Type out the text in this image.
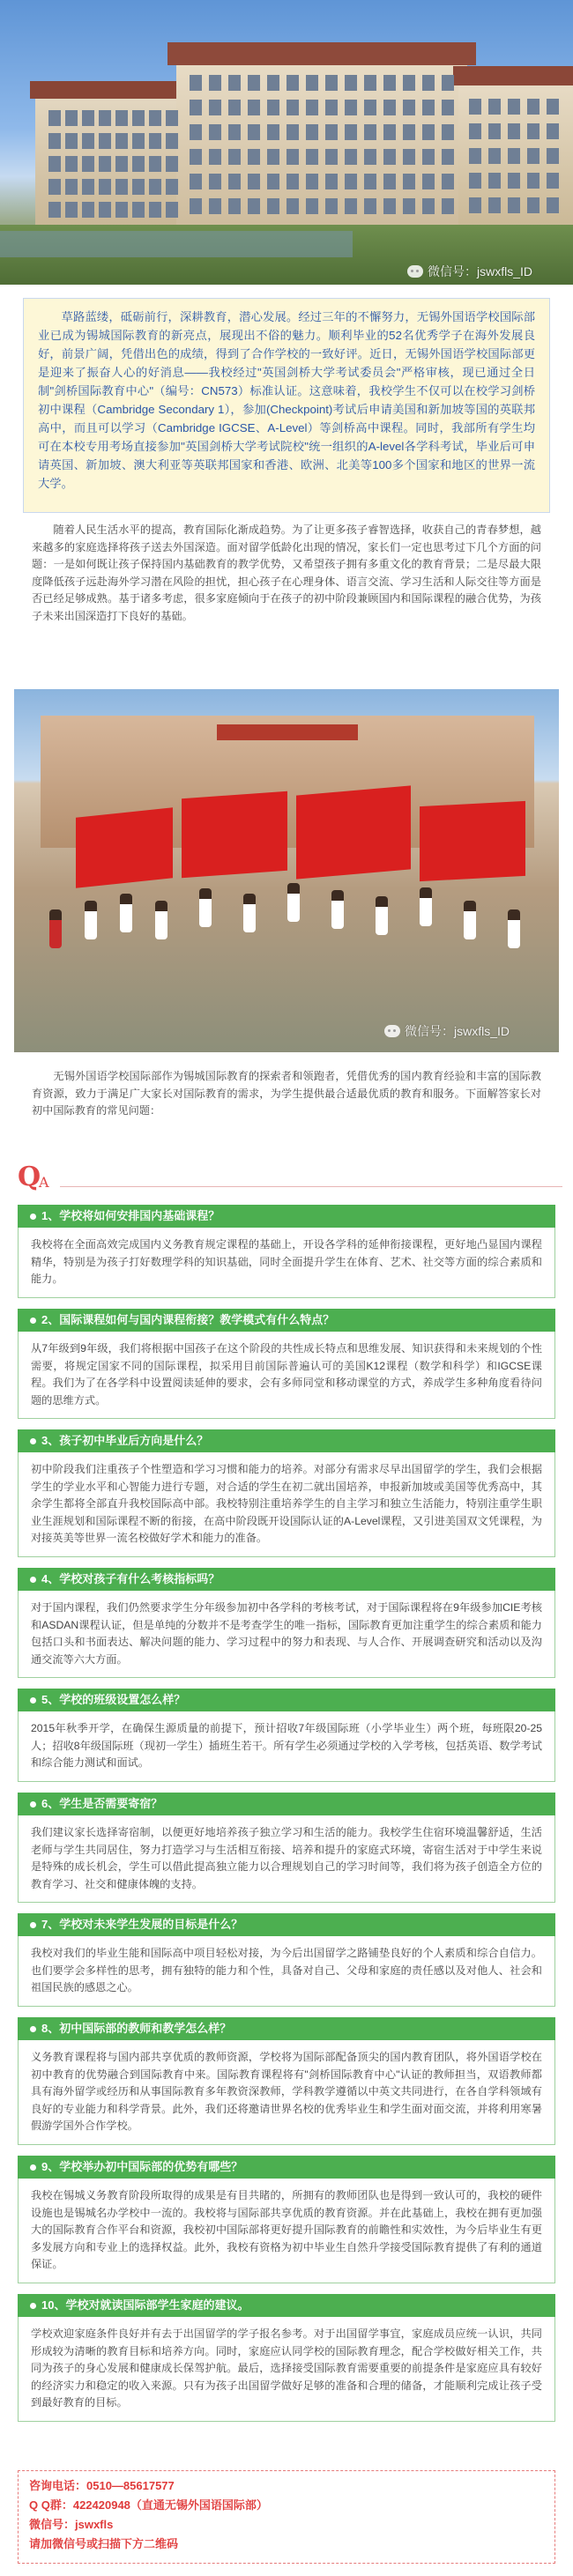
微信号：jswxfls_ID

草路蓝缕，砥砺前行，深耕教育，潜心发展。经过三年的不懈努力，无锡外国语学校国际部业已成为锡城国际教育的新亮点，展现出不俗的魅力。顺利毕业的52名优秀学子在海外发展良好，前景广阔，凭借出色的成绩，得到了合作学校的一致好评。近日，无锡外国语学校国际部更是迎来了振奋人心的好消息——我校经过"英国剑桥大学考试委员会"严格审核，现已通过全日制"剑桥国际教育中心"（编号：CN573）标准认证。这意味着，我校学生不仅可以在校学习剑桥初中课程（Cambridge Secondary 1），参加(Checkpoint)考试后申请美国和新加坡等国的英联邦高中，而且可以学习（Cambridge IGCSE、A-Level）等剑桥高中课程。同时，我部所有学生均可在本校专用考场直接参加"英国剑桥大学考试院校"统一组织的A-level各学科考试，毕业后可申请英国、新加坡、澳大利亚等英联邦国家和香港、欧洲、北美等100多个国家和地区的世界一流大学。

随着人民生活水平的提高，教育国际化渐成趋势。为了让更多孩子睿智选择，收获自己的青春梦想，越来越多的家庭选择将孩子送去外国深造。面对留学低龄化出现的情况，家长们一定也思考过下几个方面的问题：一是如何既让孩子保持国内基础教育的教学优势，又希望孩子拥有多重文化的教育背景；二是尽最大限度降低孩子远赴海外学习潜在风险的担忧，担心孩子在心理身体、语言交流、学习生活和人际交往等方面是否已经足够成熟。基于诸多考虑，很多家庭倾向于在孩子的初中阶段兼顾国内和国际课程的融合优势，为孩子未来出国深造打下良好的基础。
微信号：jswxfls_ID
无锡外国语学校国际部作为锡城国际教育的探索者和领跑者，凭借优秀的国内教育经验和丰富的国际教育资源，致力于满足广大家长对国际教育的需求，为学生提供最合适最优质的教育和服务。下面解答家长对初中国际教育的常见问题：
Q
A
1、学校将如何安排国内基础课程？
我校将在全面高效完成国内义务教育规定课程的基础上，开设各学科的延伸衔接课程，更好地凸显国内课程精华，特别是为孩子打好数理学科的知识基础，同时全面提升学生在体育、艺术、社交等方面的综合素质和能力。
2、国际课程如何与国内课程衔接？教学模式有什么特点？
从7年级到9年级，我们将根据中国孩子在这个阶段的共性成长特点和思维发展、知识获得和未来规划的个性需要，将规定国家不同的国际课程，拟采用目前国际普遍认可的美国K12课程（数学和科学）和IGCSE课程。我们为了在各学科中设置阅读延伸的要求，会有多师同堂和移动课堂的方式，养成学生多种角度看待问题的思维方式。
3、孩子初中毕业后方向是什么？
初中阶段我们注重孩子个性塑造和学习习惯和能力的培养。对部分有需求尽早出国留学的学生，我们会根据学生的学业水平和心智能力进行专题，对合适的学生在初二就出国培养，申报新加坡或美国等优秀高中，其余学生都将全部直升我校国际高中部。我校特别注重培养学生的自主学习和独立生活能力，特别注重学生职业生涯规划和国际课程不断的衔接，在高中阶段既开设国际认证的A-Level课程，又引进美国双文凭课程，为对接英美等世界一流名校做好学术和能力的准备。
4、学校对孩子有什么考核指标吗？
对于国内课程，我们仍然要求学生分年级参加初中各学科的考核考试，对于国际课程将在9年级参加CIE考核和ASDAN课程认证，但是单纯的分数并不是考查学生的唯一指标，国际教育更加注重学生的综合素质和能力包括口头和书面表达、解决问题的能力、学习过程中的努力和表现、与人合作、开展调查研究和活动以及沟通交流等六大方面。
5、学校的班级设置怎么样？
2015年秋季开学，在确保生源质量的前提下，预计招收7年级国际班（小学毕业生）两个班，每班限20-25人；招收8年级国际班（现初一学生）插班生若干。所有学生必须通过学校的入学考核，包括英语、数学考试和综合能力测试和面试。
6、学生是否需要寄宿？
我们建议家长选择寄宿制，以便更好地培养孩子独立学习和生活的能力。我校学生住宿环境温馨舒适，生活老师与学生共同居住，努力打造学习与生活相互衔接、培养和提升的家庭式环境，寄宿生活对于中学生来说是特殊的成长机会，学生可以借此提高独立能力以合理规划自己的学习时间等，我们将为孩子创造全方位的教育学习、社交和健康体魄的支持。
7、学校对未来学生发展的目标是什么？
我校对我们的毕业生能和国际高中项目轻松对接，为今后出国留学之路铺垫良好的个人素质和综合自信力。也们要学会多样性的思考，拥有独特的能力和个性，具备对自己、父母和家庭的责任感以及对他人、社会和祖国民族的感恩之心。
8、初中国际部的教师和教学怎么样？
义务教育课程将与国内部共享优质的教师资源，学校将为国际部配备顶尖的国内教育团队，将外国语学校在初中教育的优势融合到国际教育中来。国际教育课程将有"剑桥国际教育中心"认证的教师担当，双语教师都具有海外留学或经历和从事国际教育多年教资深教师，学科教学遵循以中英文共同进行，在各自学科领域有良好的专业能力和科学背景。此外，我们还将邀请世界名校的优秀毕业生和学生面对面交流，并将利用寒暑假游学国外合作学校。
9、学校举办初中国际部的优势有哪些？
我校在锡城义务教育阶段所取得的成果是有目共睹的，所拥有的教师团队也是得到一致认可的，我校的硬件设施也是锡城名办学校中一流的。我校将与国际部共享优质的教育资源。并在此基础上，我校在拥有更加强大的国际教育合作平台和资源，我校初中国际部将更好提升国际教育的前瞻性和实效性，为今后毕业生有更多发展方向和专业上的选择权益。此外，我校有资格为初中毕业生自然升学接受国际教育提供了有利的通道保证。
10、学校对就读国际部学生家庭的建议。
学校欢迎家庭条件良好并有去于出国留学的学子报名参考。对于出国留学事宜，家庭成员应统一认识，共同形成较为清晰的教育目标和培养方向。同时，家庭应认同学校的国际教育理念，配合学校做好相关工作，共同为孩子的身心发展和健康成长保驾护航。最后，选择接受国际教育需要重要的前提条件是家庭应具有较好的经济实力和稳定的收入来源。只有为孩子出国留学做好足够的准备和合理的储备，才能顺利完成让孩子受到最好教育的目标。
咨询电话：0510—85617577
Q Q群：422420948（直通无锡外国语国际部）
微信号：jswxfls
请加微信号或扫描下方二维码
